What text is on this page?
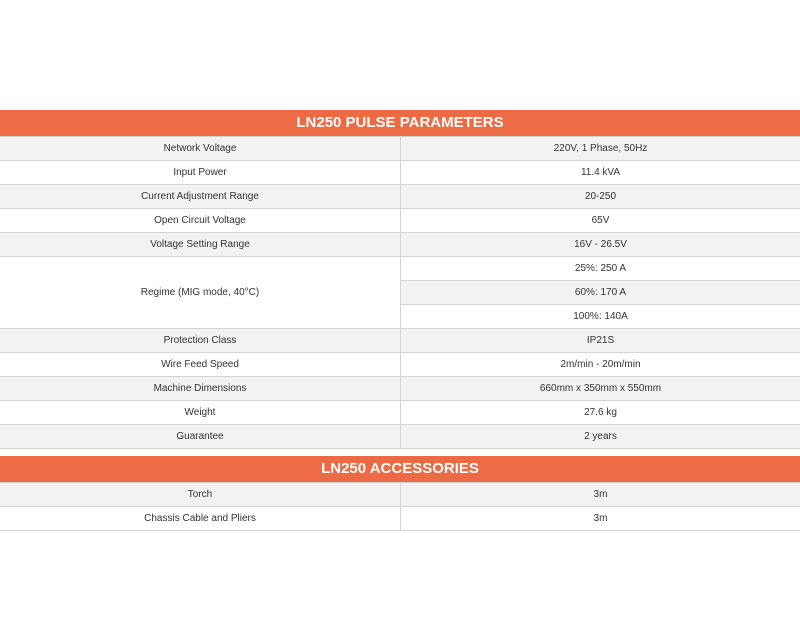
LN250 PULSE PARAMETERS
Network Voltage	220V, 1 Phase, 50Hz
Input Power	11.4 kVA
Current Adjustment Range	20-250
Open Circuit Voltage	65V
Voltage Setting Range	16V - 26.5V
Regime (MIG mode, 40°C)	25%: 250 A
	60%: 170 A
	100%: 140A
Protection Class	IP21S
Wire Feed Speed	2m/min - 20m/min
Machine Dimensions	660mm x 350mm x 550mm
Weight	27.6 kg
Guarantee	2 years
LN250 ACCESSORIES
Torch	3m
Chassis Cable and Pliers	3m
